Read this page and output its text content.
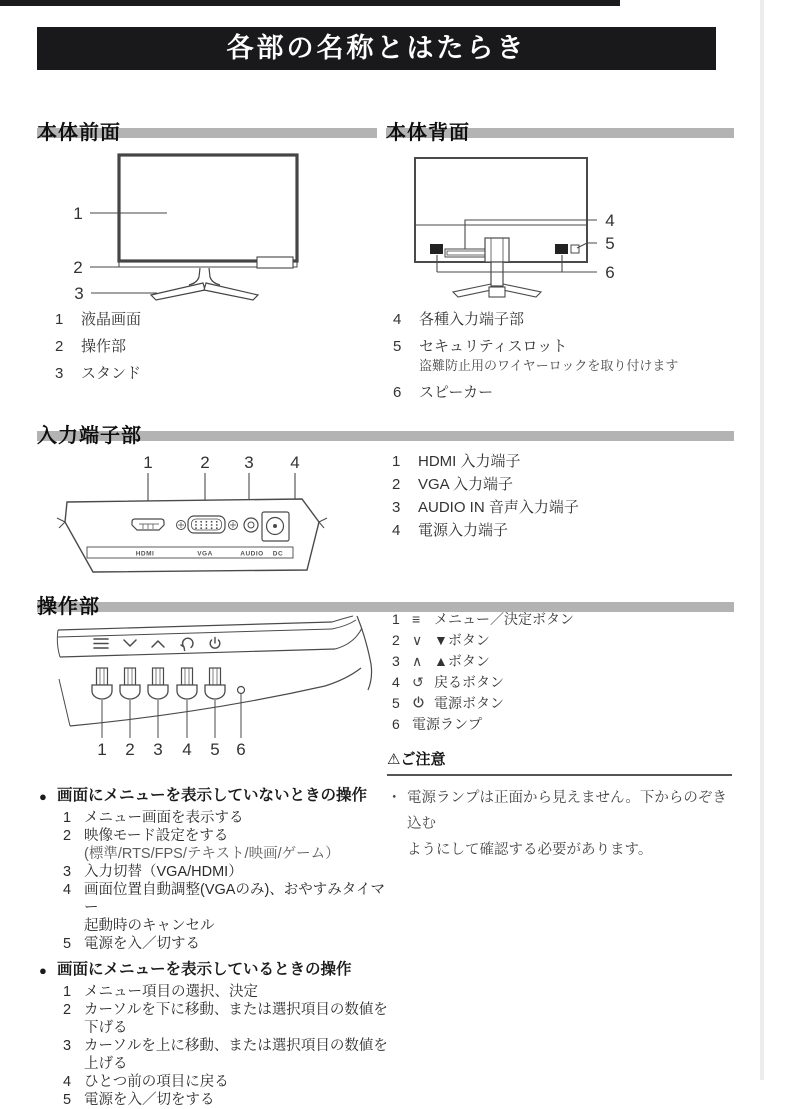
各部の名称とはたらき
本体前面	本体背面
入力端子部
操作部
1
2
3
4
5
6
1	液晶画面
2	操作部
3	スタンド
4	各種入力端子部
5	セキュリティスロット
盗難防止用のワイヤーロックを取り付けます
6	スピーカー
1	2 3 4
HDMI	VGA	AUDIO DC
1	HDMI 入力端子
2	VGA 入力端子
3	AUDIO IN 音声入力端子
4	電源入力端子
1 2 3 4 5 6
1 ≡ メニュー／決定ボタン
2 ∨ ▼ボタン
3 ∧ ▲ボタン
4 ↺ 戻るボタン
5	電源ボタン
6 電源ランプ
⚠ご注意
・ 電源ランプは正面から見えません。下からのぞき込む
ようにして確認する必要があります。
● 画面にメニューを表示していないときの操作
1 メニュー画面を表示する
2 映像モード設定をする
(標準/RTS/FPS/テキスト/映画/ゲーム）
3 入力切替（VGA/HDMI）
4 画面位置自動調整(VGAのみ)、おやすみタイマー
起動時のキャンセル
5 電源を入／切する
● 画面にメニューを表示しているときの操作
1 メニュー項目の選択、決定
2 カーソルを下に移動、または選択項目の数値を
下げる
3 カーソルを上に移動、または選択項目の数値を
上げる
4 ひとつ前の項目に戻る
5 電源を入／切をする
